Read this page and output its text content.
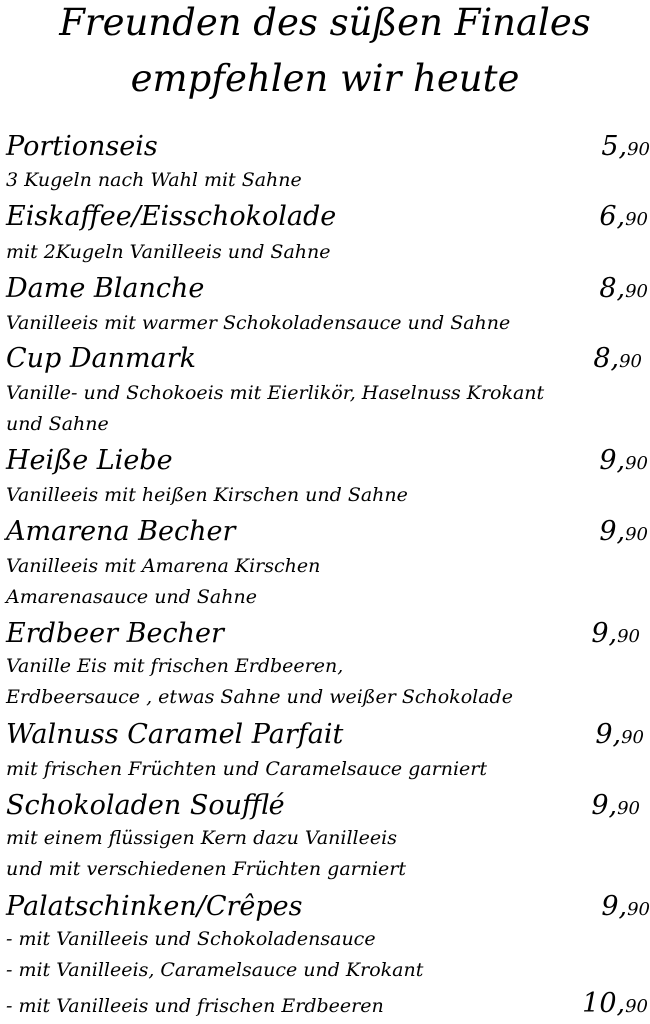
Freunden des süßen Finales
empfehlen wir heute
Portionseis	5,90
3 Kugeln nach Wahl mit Sahne
Eiskaffee/Eisschokolade	6,90
mit 2Kugeln Vanilleeis und Sahne
Dame Blanche	8,90
Vanilleeis mit warmer Schokoladensauce und Sahne
Cup Danmark	8,90
Vanille- und Schokoeis mit Eierlikör, Haselnuss Krokant
und Sahne
Heiße Liebe	9,90
Vanilleeis mit heißen Kirschen und Sahne
Amarena Becher	9,90
Vanilleeis mit Amarena Kirschen
Amarenasauce und Sahne
Erdbeer Becher	9,90
Vanille Eis mit frischen Erdbeeren,
Erdbeersauce , etwas Sahne und weißer Schokolade
Walnuss Caramel Parfait	9,90
mit frischen Früchten und Caramelsauce garniert
Schokoladen Soufflé	9,90
mit einem flüssigen Kern dazu Vanilleeis
und mit verschiedenen Früchten garniert
Palatschinken/Crêpes	9,90
- mit Vanilleeis und Schokoladensauce
- mit Vanilleeis, Caramelsauce und Krokant
- mit Vanilleeis und frischen Erdbeeren	10,90
